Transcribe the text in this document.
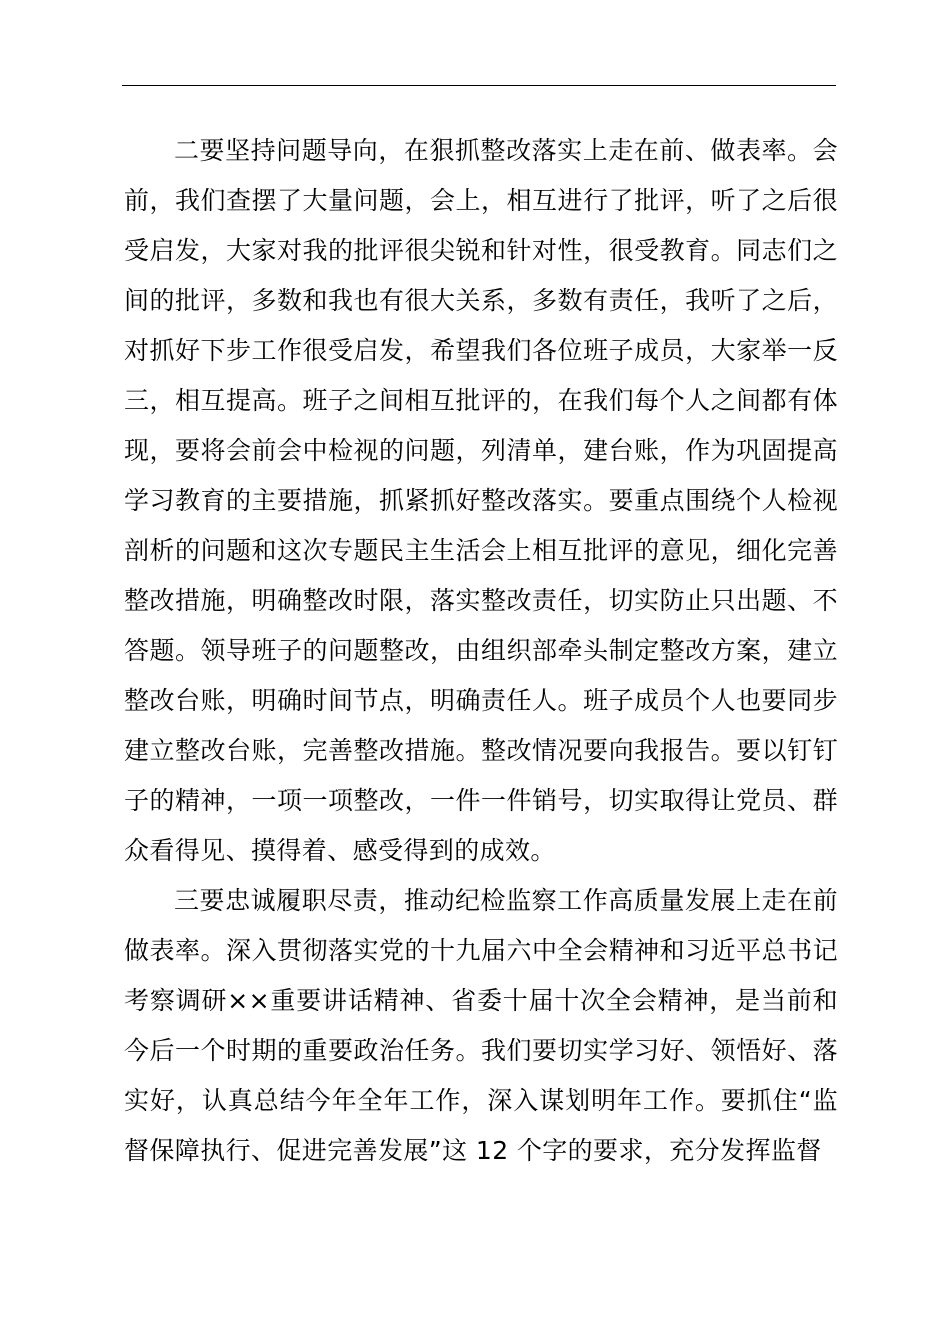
二要坚持问题导向，在狠抓整改落实上走在前、做表率。会前，我们查摆了大量问题，会上，相互进行了批评，听了之后很受启发，大家对我的批评很尖锐和针对性，很受教育。同志们之间的批评，多数和我也有很大关系，多数有责任，我听了之后，对抓好下步工作很受启发，希望我们各位班子成员，大家举一反三，相互提高。班子之间相互批评的，在我们每个人之间都有体现，要将会前会中检视的问题，列清单，建台账，作为巩固提高学习教育的主要措施，抓紧抓好整改落实。要重点围绕个人检视剖析的问题和这次专题民主生活会上相互批评的意见，细化完善整改措施，明确整改时限，落实整改责任，切实防止只出题、不答题。领导班子的问题整改，由组织部牵头制定整改方案，建立整改台账，明确时间节点，明确责任人。班子成员个人也要同步建立整改台账，完善整改措施。整改情况要向我报告。要以钉钉子的精神，一项一项整改，一件一件销号，切实取得让党员、群众看得见、摸得着、感受得到的成效。

三要忠诚履职尽责，推动纪检监察工作高质量发展上走在前做表率。深入贯彻落实党的十九届六中全会精神和习近平总书记考察调研××重要讲话精神、省委十届十次全会精神，是当前和今后一个时期的重要政治任务。我们要切实学习好、领悟好、落实好，认真总结今年全年工作，深入谋划明年工作。要抓住“监督保障执行、促进完善发展”这 12 个字的要求，充分发挥监督
